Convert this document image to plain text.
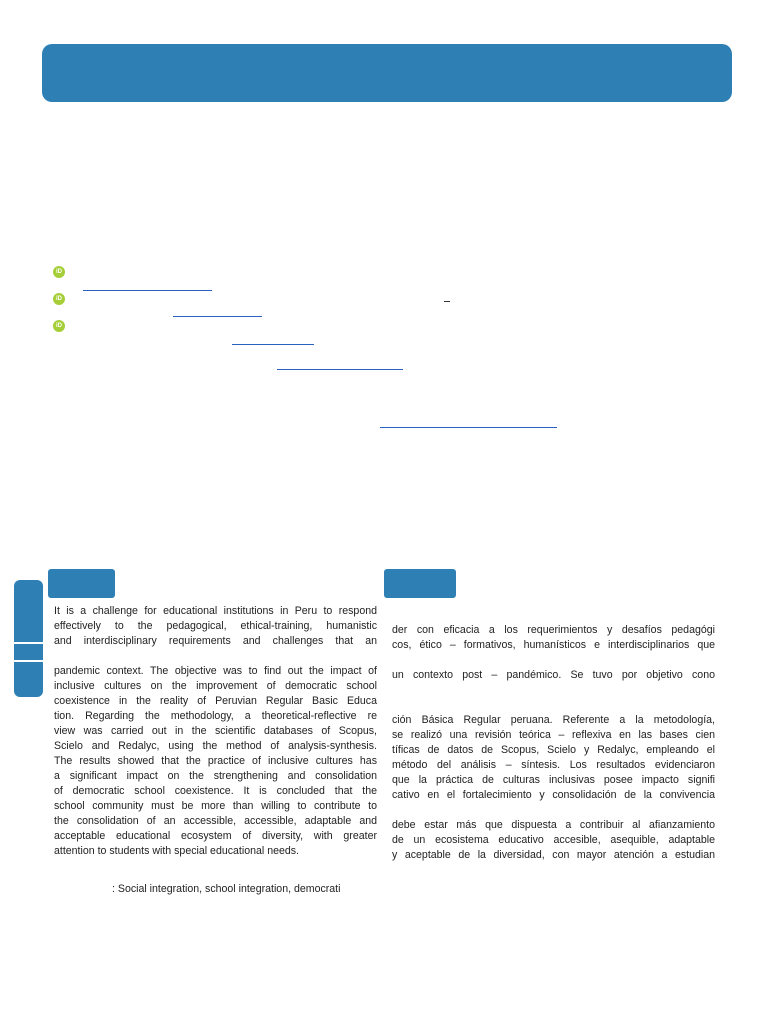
iD
iD
iD

It is a challenge for educational institutions in Peru to respond

effectively to the pedagogical, ethical-training, humanistic

and interdisciplinary requirements and challenges that an

pandemic context. The objective was to find out the impact of

inclusive cultures on the improvement of democratic school

coexistence in the reality of Peruvian Regular Basic Educa

tion. Regarding the methodology, a theoretical-reflective re

view was carried out in the scientific databases of Scopus,

Scielo and Redalyc, using the method of analysis-synthesis.

The results showed that the practice of inclusive cultures has

a significant impact on the strengthening and consolidation

of democratic school coexistence. It is concluded that the

school community must be more than willing to contribute to

the consolidation of an accessible, accessible, adaptable and

acceptable educational ecosystem of diversity, with greater

attention to students with special educational needs.

: Social integration, school integration, democrati

der con eficacia a los requerimientos y desafíos pedagógi

cos, ético – formativos, humanísticos e interdisciplinarios que

un contexto post – pandémico. Se tuvo por objetivo cono

ción Básica Regular peruana. Referente a la metodología,

se realizó una revisión teórica – reflexiva en las bases cien

tíficas de datos de Scopus, Scielo y Redalyc, empleando el

método del análisis – síntesis. Los resultados evidenciaron

que la práctica de culturas inclusivas posee impacto signifi

cativo en el fortalecimiento y consolidación de la convivencia

debe estar más que dispuesta a contribuir al afianzamiento

de un ecosistema educativo accesible, asequible, adaptable

y aceptable de la diversidad, con mayor atención a estudian
